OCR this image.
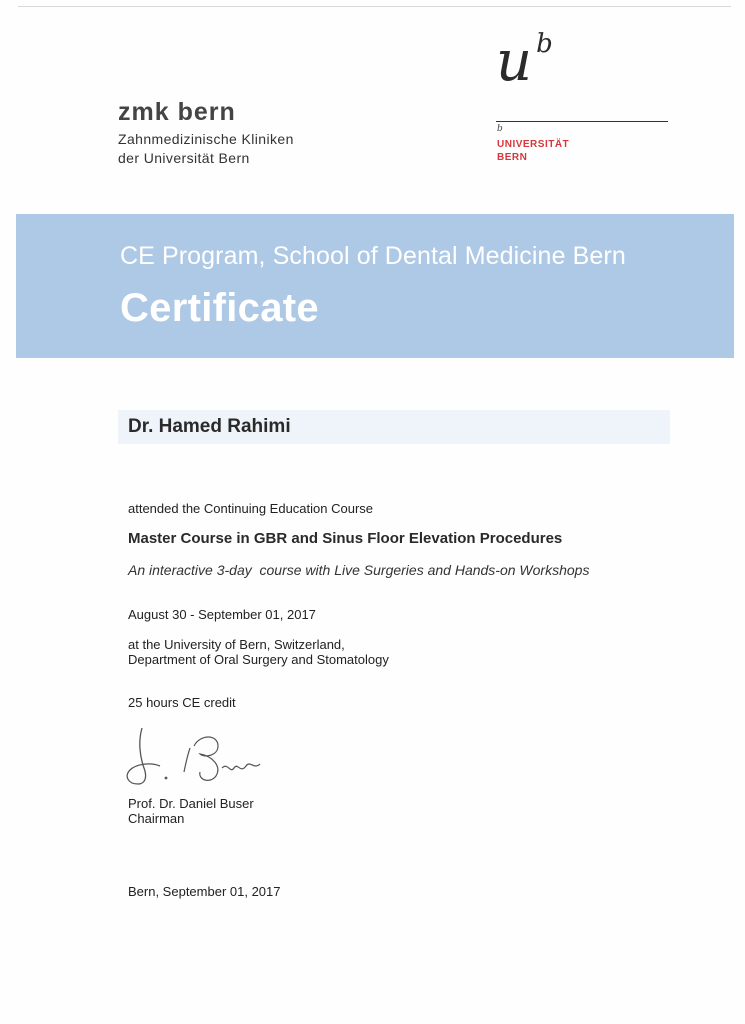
zmk bern
Zahnmedizinische Kliniken
der Universität Bern
u $^b$
b
UNIVERSITÄT
BERN
CE Program, School of Dental Medicine Bern
Certificate
Dr. Hamed Rahimi
attended the Continuing Education Course
Master Course in GBR and Sinus Floor Elevation Procedures
An interactive 3-day  course with Live Surgeries and Hands-on Workshops
August 30 - September 01, 2017
at the University of Bern, Switzerland,
Department of Oral Surgery and Stomatology
25 hours CE credit
Prof. Dr. Daniel Buser
Chairman
Bern, September 01, 2017
